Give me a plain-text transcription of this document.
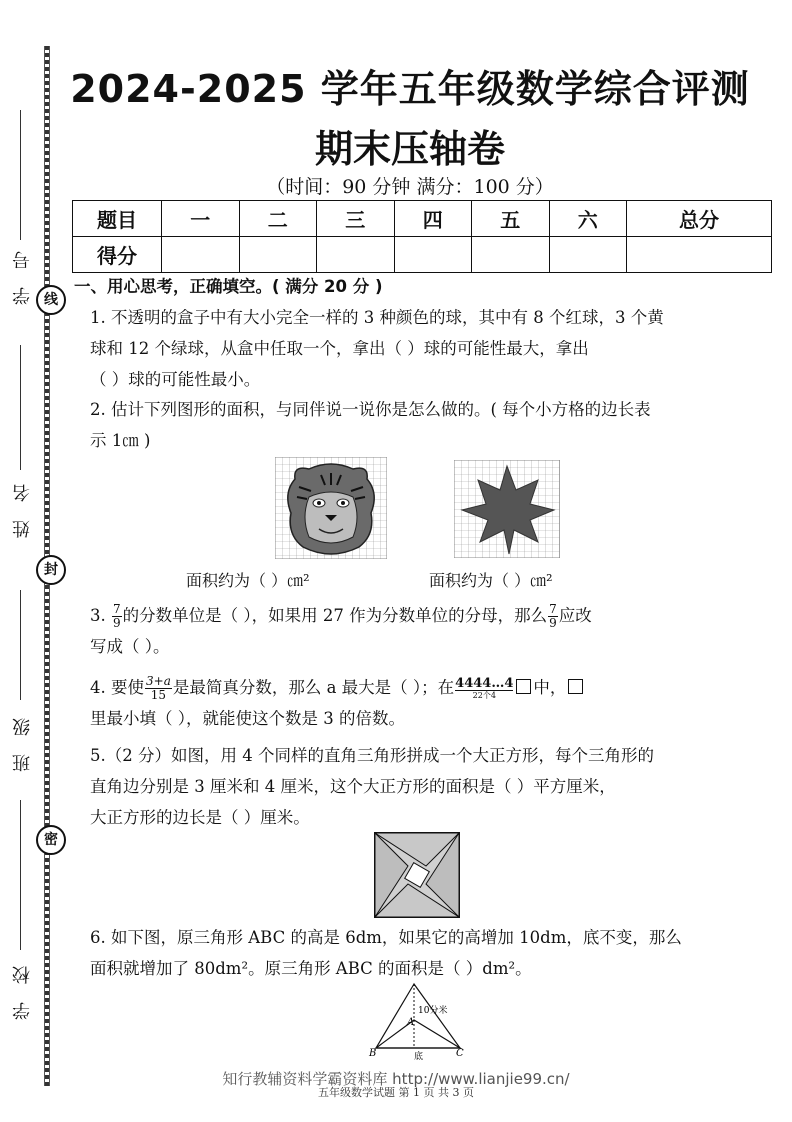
学 号
姓 名
班 级
学 校
线
封
密
2024-2025 学年五年级数学综合评测
期末压轴卷
（时间：90 分钟 满分：100 分）
题目	一	二	三	四	五	六	总分
得分							
一、用心思考，正确填空。( 满分 20 分 )
1. 不透明的盒子中有大小完全一样的 3 种颜色的球，其中有 8 个红球，3 个黄
球和 12 个绿球，从盒中任取一个，拿出（ ）球的可能性最大，拿出
（ ）球的可能性最小。
2. 估计下列图形的面积，与同伴说一说你是怎么做的。( 每个小方格的边长表
示 1㎝ )
面积约为（ ）㎝²	面积约为（ ）㎝²
3. $\frac{7}{9}$ 的分数单位是（ ），如果用 27 作为分数单位的分母，那么 $\frac{7}{9}$ 应改
写成（ ）。
4. 要使 $\frac{3+a}{15}$ 是最简真分数，那么 a 最大是（ ）；在 $\frac{4444\dots 4}{\text{22个4}}$ 中，
里最小填（ ），就能使这个数是 3 的倍数。
5.（2 分）如图，用 4 个同样的直角三角形拼成一个大正方形，每个三角形的
直角边分别是 3 厘米和 4 厘米，这个大正方形的面积是（ ）平方厘米，
大正方形的边长是（ ）厘米。
6. 如下图，原三角形 ABC 的高是 6dm，如果它的高增加 10dm，底不变，那么
面积就增加了 80dm²。原三角形 ABC 的面积是（ ）dm²。
10分米
A
B	C
底
知行教辅资料学霸资料库 http://www.lianjie99.cn/
五年级数学试题 第 1 页 共 3 页
